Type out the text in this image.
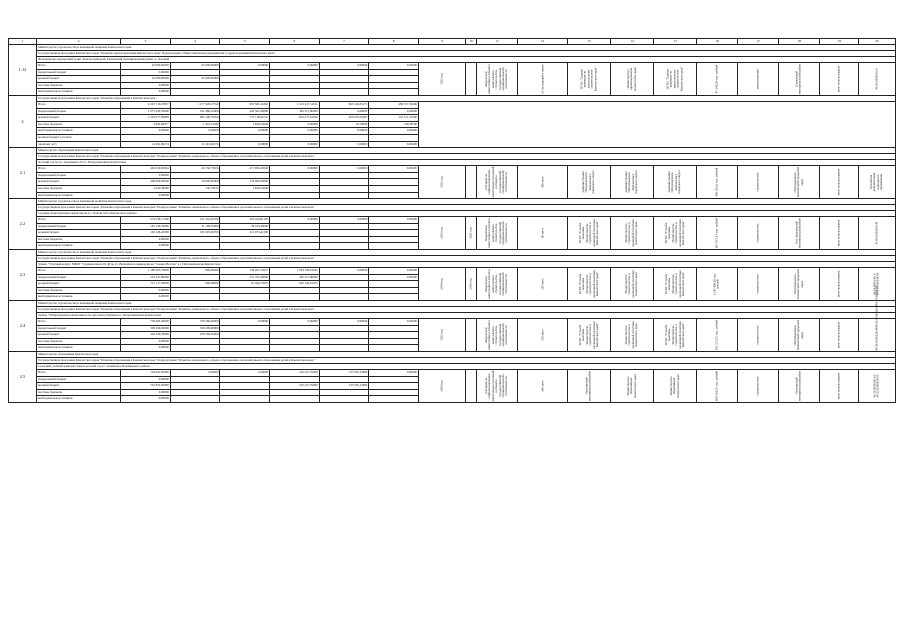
1	2	3	4	5	6	7	8	9	10	11	12	13	14	15	16	17	18	19	20
1.12	Министерство строительства и жилищной политики Камчатского края																		
	Государственная программа Камчатского края "Развитие здравоохранения Камчатского края" Подпрограмма "Инвестиционные мероприятия в здравоохранении Камчатского края"																		
	Фельдшерско-акушерский пункт. Камчатский край, Елизовский муниципальный район, п. Зеленый																		
	Итого	45 000,00000	45 000,00000	0,00000	0,00000	0,00000	0,00000	2022 год		Бюджетные инвестиции в объекты капитального строительства государственной (муниципальной) собственности	25 посещений в смену	КГКУ "Единая дирекция по капитальному строительству Камчатского края"	Министерство здравоохранения Камчатского края	КГКУ "Единая дирекция по капитальному строительству Камчатского края"	47 341,54 тыс. рублей	реконструкция	Елизовский муниципальный район	иное использование	41:05:0101002:6

	федеральный бюджет	0,00000																	
	краевой бюджет	45 000,00000	45 000,00000																
	местные бюджеты	0,00000																	
	внебюджетные источники	0,00000																	
2	Государственная программа Камчатского края "Развитие образования в Камчатском крае"																		
	Итого	6 193 716,67857	1 177 328,27762	997 301,24265	1 215 417,51161	665 126,05271	489 357,59200												
	федеральный бюджет	1 075 930,50000	191 489,10000	220 561,80000	362 317,80000	0,00000	0,00000												
	краевой бюджет	5 105 977,90883	985 190,76059	775 138,94747	853 277,61956	659 076,59487	147 317,10500												
	местные бюджеты	3 824,68477	1 443,21499	1 859,23046	0,00000	79,76600	749,28700												
	внебюджетные источники	0,00000	0,00000	0,00000	0,00000	0,00000	0,00000												
	краевой бюджет (остатки																		
	прошлых лет)	21 491,90274	21 491,90274	0,00000	0,00000	0,00000	0,00000												
2.1	Министерство образования Камчатского края																		
	Государственная программа Камчатского края "Развитие образования в Камчатском крае" Подпрограмма "Развитие дошкольного, общего образования и дополнительного образования детей в Камчатском крае"																		
	Детский сад по ул. Академика, 65 в г. Петропавловске-Камчатском																		
	Итого	463 010,65094	20 156,73674	471 856,29046	0,00000	0,00000	0,00000	2022 год		субсидии на софинансирование капитальных вложений в объекты государственной (муниципальной) собственности	180 мест	Администрация Петропавловск-Камчатского городского округа	Администрация Петропавловск-Камчатского городского округа	Администрация Петропавловск-Камчатского городского округа	496 261,0 тыс. рублей	строительство	Петропавловск-Камчатский городской округ	иное использование	Проектная документация повторного применения

	федеральный бюджет	0,00000																	
	краевой бюджет	460 000,00000	20 000,00000	176 000,00000															
	местные бюджеты	2 010,39500	156,73674	1 859,23046															
	внебюджетные источники	0,00000																	
2.2	Министерство строительства и жилищной политики Камчатского края																		
	Государственная программа Камчатского края "Развитие образования в Камчатском крае" Подпрограмма "Развитие дошкольного, общего образования и дополнительного образования детей в Камчатском крае"																		
	Средняя общеобразовательная школа в с. Ключи Усть-Камчатского района																		
	Итого	574 558,15300	251 202,26700	303 244,81100	0,00000	0,00000	0,00000	2023 год	2021 год	Бюджетные инвестиции в объекты капитального строительства государственной (муниципальной) собственности	90 мест	КГКУ "Служба заказчика Министерства строительства и жилищной политики Камчатского края"	Министерство строительства и жилищной политики Камчатского края	КГКУ "Служба заказчика Министерства строительства и жилищной политики Камчатского края"	667 857,13 тыс. рублей	строительство	Усть-Камчатский муниципальный район	иное использование	41:06:0010103:40

	федеральный бюджет	181 139,70000	31 109,70000	39 163,40000															
	краевой бюджет	163 168,45300	181 093,26700	212 073,41100															
	местные бюджеты	0,00000																	
	внебюджетные источники	0,00000																	
2.3	Министерство строительства и жилищной политики Камчатского края																		
	Государственная программа Камчатского края "Развитие образования в Камчатском крае" Подпрограмма "Развитие дошкольного, общего образования и дополнительного образования детей в Камчатском крае"																		
	Здание "Учебный корпус МБОУ "Средняя школа № 40 по ул. Вилюйского микрорайона "Северо-Восток" в г. Петропавловске-Камчатском																		
	Итого	1 180 565,74838	960,00000	139 405,13657	1 003 186,61181	0,00000	0,00000	2024 год	2020 год	Бюджетные инвестиции в объекты капитального строительства государственной (муниципальной) собственности	550 мест	КГКУ "Служба заказчика Министерства строительства и жилищной политики Камчатского края"	Министерство строительства и жилищной политики Камчатского края	КГКУ "Служба заказчика Министерства строительства и жилищной политики Камчатского края"	1 245 499,95 тыс. рублей	строительство	Петропавловск-Камчатский городской округ	иное использование	41:01:0010119:1-41:01:0010118:19

	федеральный бюджет	591 421,80000		231 790,40000	362 317,80000		0,00000												
	краевой бюджет	717 117,36838	960,00000	91 594,73657	643 144,91975														
	местные бюджеты	0,00000																	
	внебюджетные источники	0,00000																	
2.4	Министерство строительства и жилищной политики Камчатского края																		
	Государственная программа Камчатского края "Развитие образования в Камчатском крае" Подпрограмма "Развитие дошкольного, общего образования и дополнительного образования детей в Камчатском крае"																		
	Здание "Общеобразовательная школа по проспекту Рыбаков в г. Петропавловске-Камчатском																		
	Итого	758 469,46000	758 469,46000	0,00000	0,00000	0,00000	0,00000	2022 год		Бюджетные инвестиции в объекты капитального строительства государственной (муниципальной) собственности	550 мест	КГКУ "Служба заказчика Министерства строительства и жилищной политики Камчатского края"	Министерство строительства и жилищной политики Камчатского края	КГКУ "Служба заказчика Министерства строительства и жилищной политики Камчатского края"	935 271,55 тыс. рублей	строительство	Петропавловск-Камчатский городской округ	иное использование	41:01:0010128:6441:01:0010128:6441:01:0010128

	федеральный бюджет	309 299,90000	309 299,90000																
	краевой бюджет	449 169,56000	458 169,56000																
	местные бюджеты	0,00000																	
	внебюджетные источники	0,00000																	
2.5	Министерство образования Камчатского края																		
	Государственная программа Камчатского края "Развитие образования в Камчатском крае" Подпрограмма "Развитие дошкольного, общего образования и дополнительного образования детей в Камчатском крае"																		
	Сельский учебный комплекс школа-детский сад в с. Каменское Пенжинского района																		
	Итого	745 822,85800	0,00000	0,00000	210 227,70000	535 595,15800	0,00000	2024 год		субсидии на софинансирование капитальных вложений в объекты государственной (муниципальной) собственности	240 мест	Пенжинский муниципальный район	Министерство образования Камчатского края	Министерство образования Камчатского края	868 324,55 тыс. рублей	строительство	Пенжинский муниципальный район	иное использование	41:22:0010106:11-41:22:0010106:15

	федеральный бюджет	0,00000																	
	краевой бюджет	745 822,85800			210 227,70000	535 595,15800													
	местные бюджеты	0,00000																	
	внебюджетные источники	0,00000																	
